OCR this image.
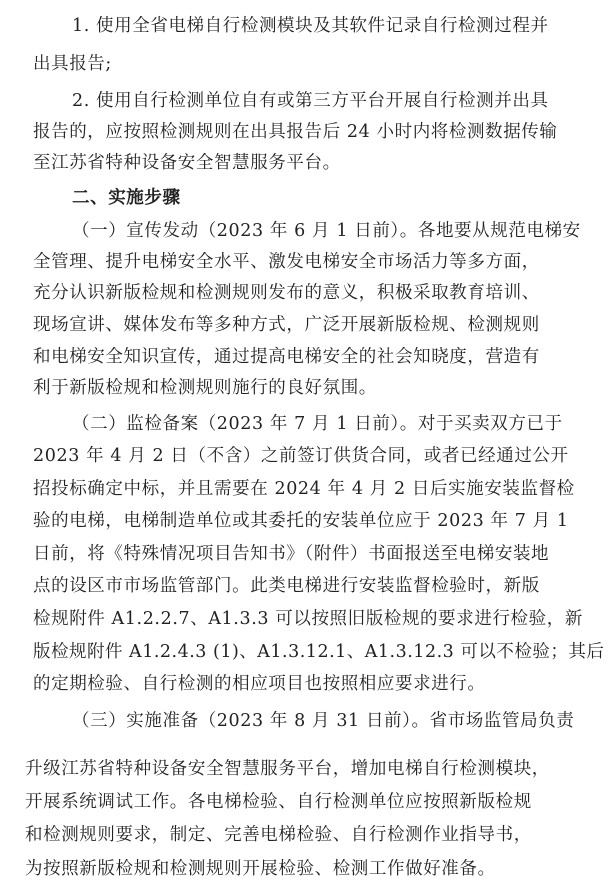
1. 使用全省电梯自行检测模块及其软件记录自行检测过程并
出具报告;
2. 使用自行检测单位自有或第三方平台开展自行检测并出具
报告的，应按照检测规则在出具报告后 24 小时内将检测数据传输
至江苏省特种设备安全智慧服务平台。
二、实施步骤
（一）宣传发动（2023 年 6 月 1 日前）。各地要从规范电梯安
全管理、提升电梯安全水平、激发电梯安全市场活力等多方面，
充分认识新版检规和检测规则发布的意义，积极采取教育培训、
现场宣讲、媒体发布等多种方式，广泛开展新版检规、检测规则
和电梯安全知识宣传，通过提高电梯安全的社会知晓度，营造有
利于新版检规和检测规则施行的良好氛围。
（二）监检备案（2023 年 7 月 1 日前）。对于买卖双方已于
2023 年 4 月 2 日（不含）之前签订供货合同，或者已经通过公开
招投标确定中标，并且需要在 2024 年 4 月 2 日后实施安装监督检
验的电梯，电梯制造单位或其委托的安装单位应于 2023 年 7 月 1
日前，将《特殊情况项目告知书》（附件）书面报送至电梯安装地
点的设区市市场监管部门。此类电梯进行安装监督检验时，新版
检规附件 A1.2.2.7、A1.3.3 可以按照旧版检规的要求进行检验，新
版检规附件 A1.2.4.3 (1)、A1.3.12.1、A1.3.12.3 可以不检验；其后
的定期检验、自行检测的相应项目也按照相应要求进行。
（三）实施准备（2023 年 8 月 31 日前）。省市场监管局负责
升级江苏省特种设备安全智慧服务平台，增加电梯自行检测模块，
开展系统调试工作。各电梯检验、自行检测单位应按照新版检规
和检测规则要求，制定、完善电梯检验、自行检测作业指导书，
为按照新版检规和检测规则开展检验、检测工作做好准备。
